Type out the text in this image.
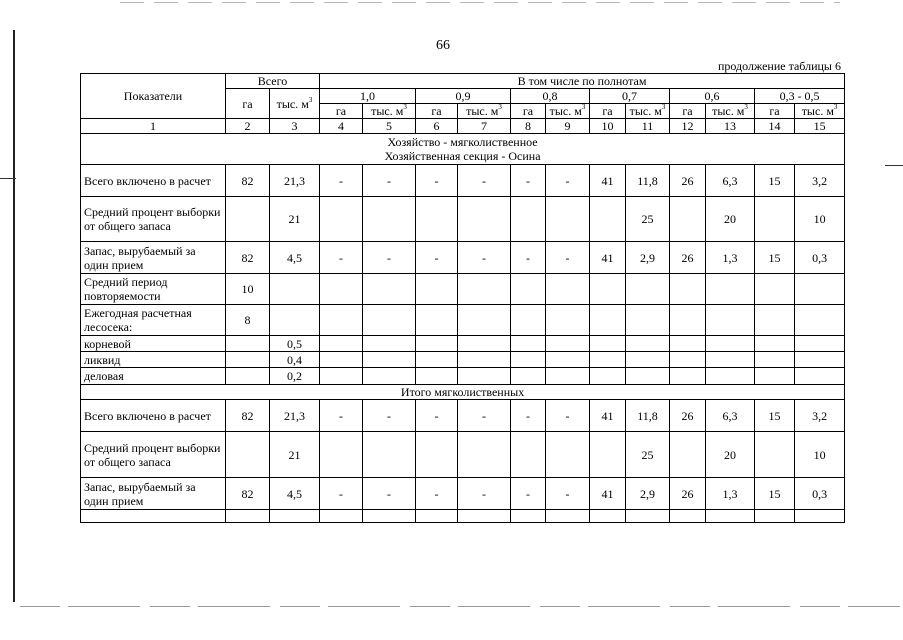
66
продолжение таблицы 6
Показатели	Всего		В том числе по полнотам											
	га	тыс. $м^3$	1,0		0,9		0,8		0,7		0,6		0,3 - 0,5	
			га	тыс. $м^3$	га	тыс. $м^3$	га	тыс. $м^3$	га	тыс. $м^3$	га	тыс. $м^3$	га	тыс. $м^3$
1	2	3	4	5	6	7	8	9	10	11	12	13	14	15

Хозяйство - мягколиственное
Хозяйственная секция - Осина														

Всего включено в расчет	82	21,3	-	-	-	-	-	-	41	11,8	26	6,3	15	3,2
Средний процент выборки от общего запаса		21								25		20		10
Запас, вырубаемый за один прием	82	4,5	-	-	-	-	-	-	41	2,9	26	1,3	15	0,3
Средний период повторяемости	10													
Ежегодная расчетная лесосека:	8													
корневой		0,5												
ликвид		0,4												
деловая		0,2												

Итого мягколиственных														

Всего включено в расчет	82	21,3	-	-	-	-	-	-	41	11,8	26	6,3	15	3,2
Средний процент выборки от общего запаса		21								25		20		10
Запас, вырубаемый за один прием	82	4,5	-	-	-	-	-	-	41	2,9	26	1,3	15	0,3
